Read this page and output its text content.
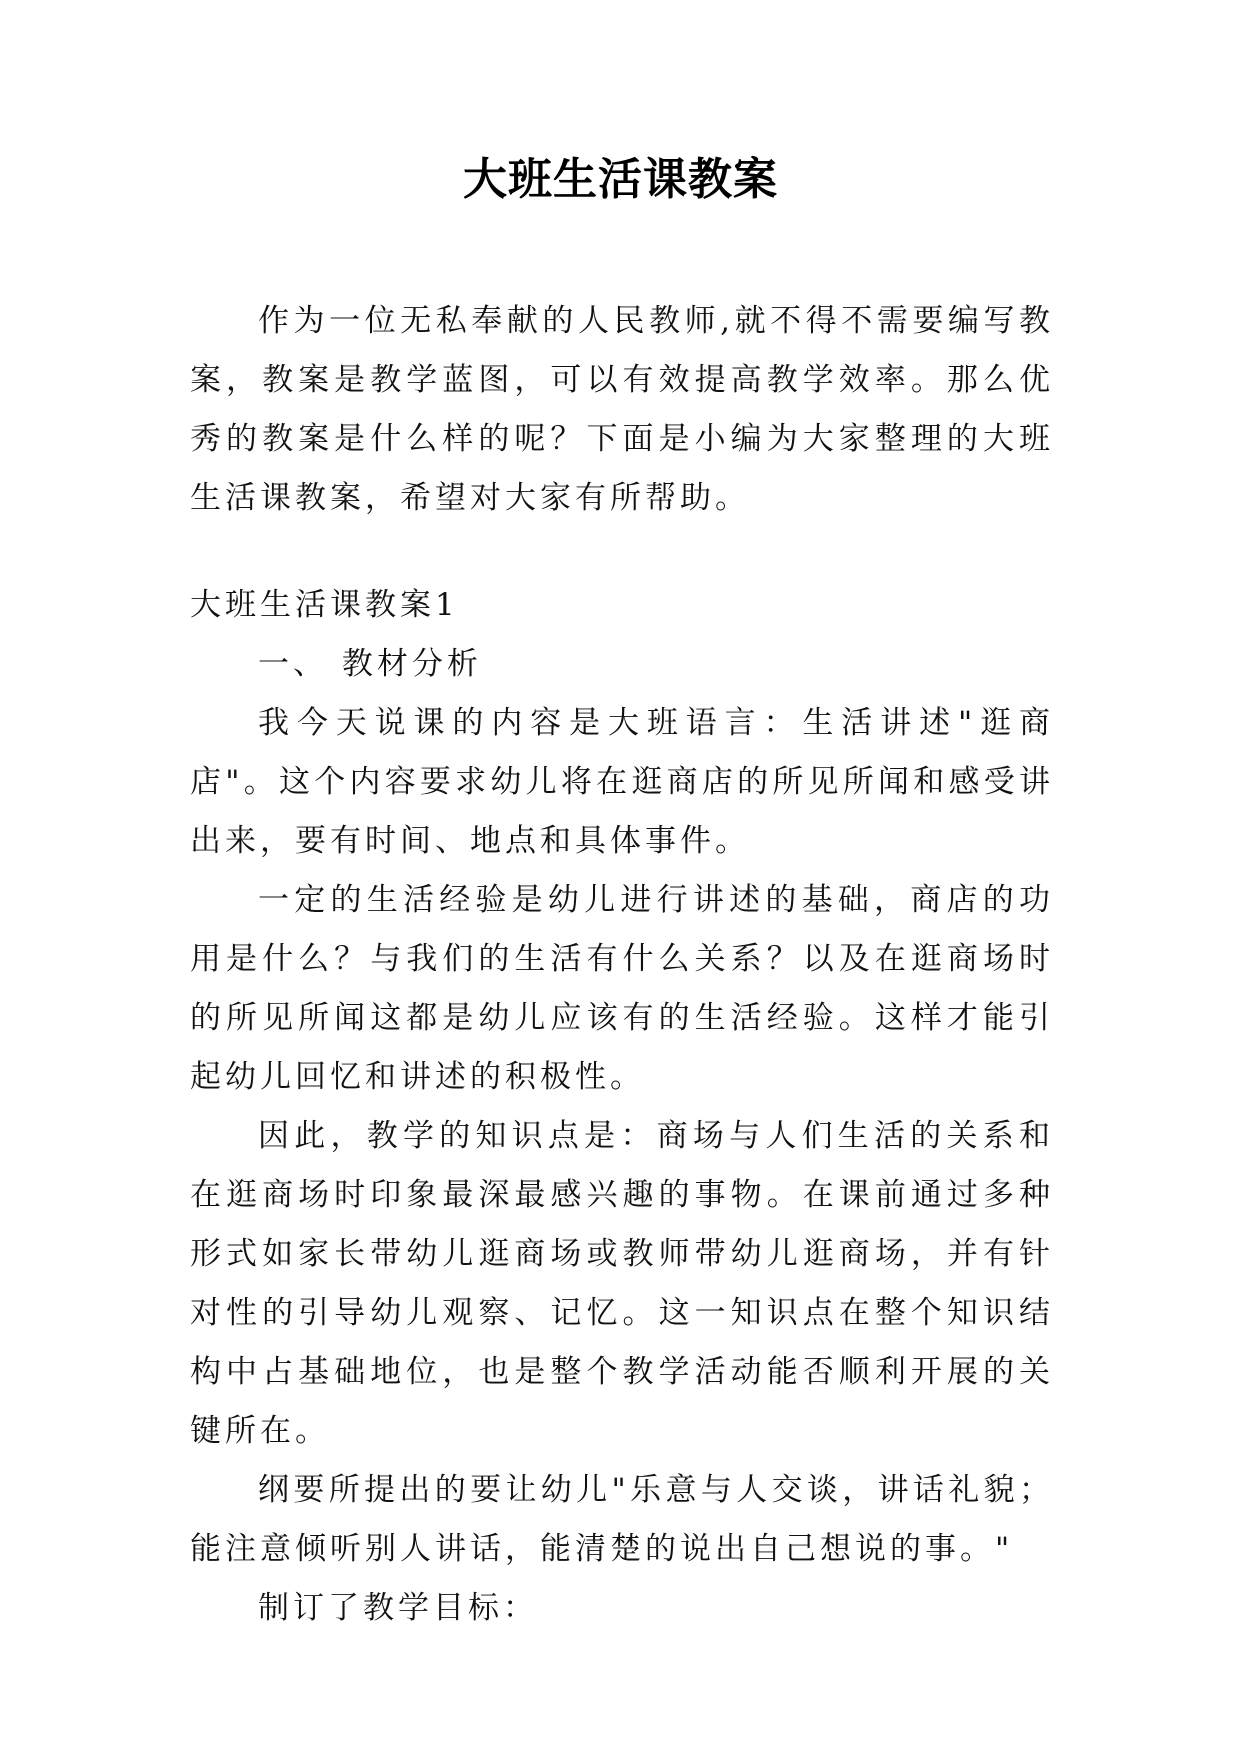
大班生活课教案

作为一位无私奉献的人民教师,就不得不需要编写教案，教案是教学蓝图，可以有效提高教学效率。那么优秀的教案是什么样的呢？下面是小编为大家整理的大班生活课教案，希望对大家有所帮助。

大班生活课教案1

一、 教材分析

我今天说课的内容是大班语言：生活讲述"逛商店"。这个内容要求幼儿将在逛商店的所见所闻和感受讲出来，要有时间、地点和具体事件。

一定的生活经验是幼儿进行讲述的基础，商店的功用是什么？与我们的生活有什么关系？以及在逛商场时的所见所闻这都是幼儿应该有的生活经验。这样才能引起幼儿回忆和讲述的积极性。

因此，教学的知识点是：商场与人们生活的关系和在逛商场时印象最深最感兴趣的事物。在课前通过多种形式如家长带幼儿逛商场或教师带幼儿逛商场，并有针对性的引导幼儿观察、记忆。这一知识点在整个知识结构中占基础地位，也是整个教学活动能否顺利开展的关键所在。

纲要所提出的要让幼儿"乐意与人交谈，讲话礼貌；能注意倾听别人讲话，能清楚的说出自己想说的事。"

制订了教学目标：
